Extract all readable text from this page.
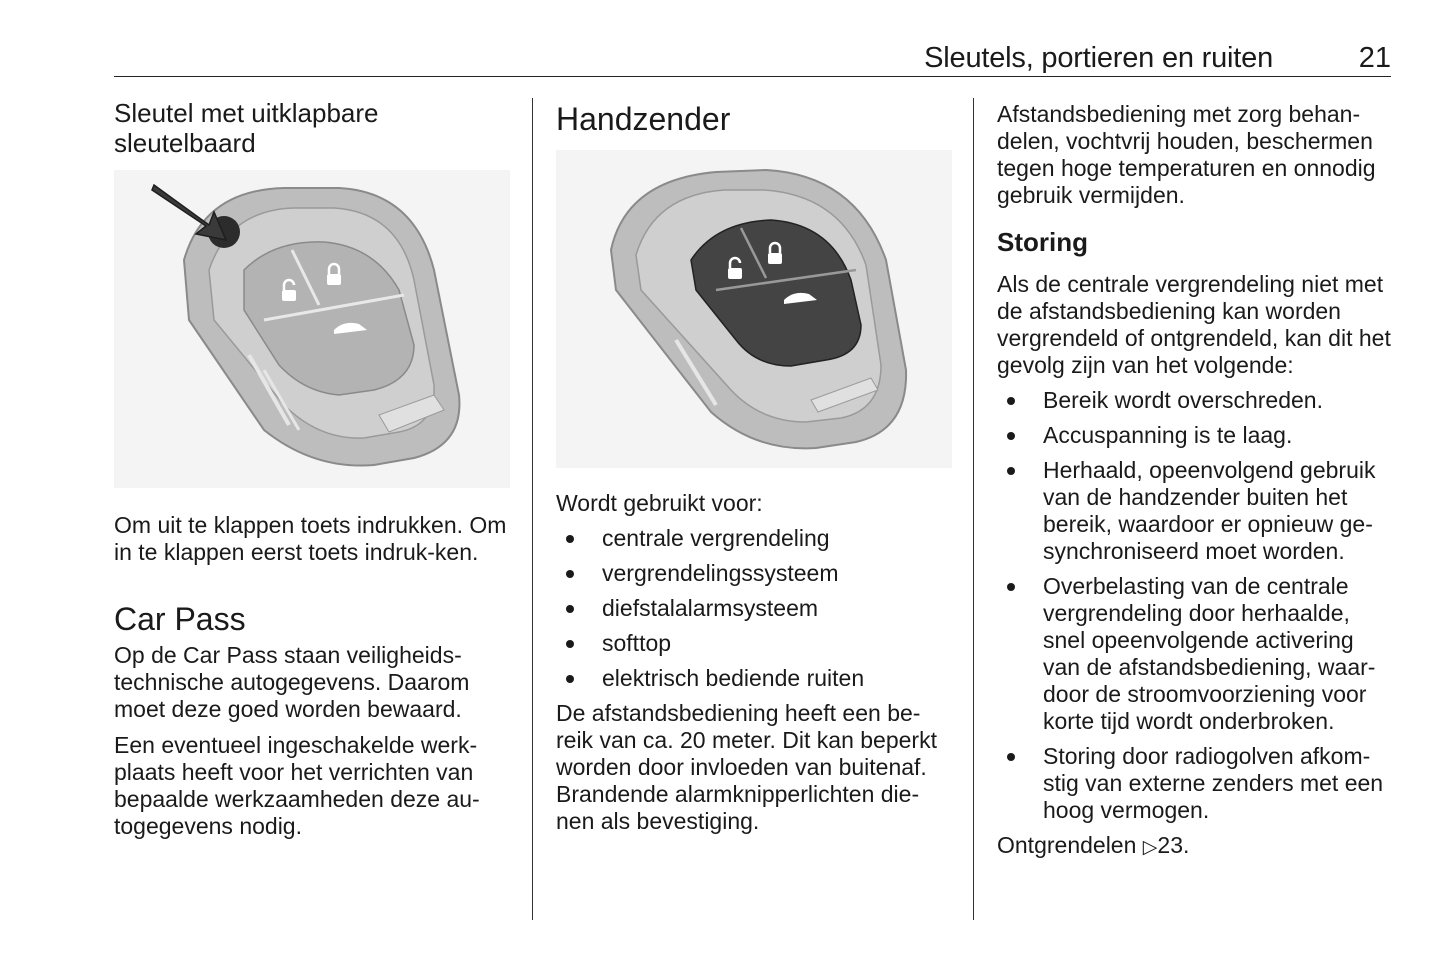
Sleutels, portieren en ruiten	21
Sleutel met uitklapbare sleutelbaard

Om uit te klappen toets indrukken. Om in te klappen eerst toets indruk-ken.

Car Pass

Op de Car Pass staan veiligheids-technische autogegevens. Daarom moet deze goed worden bewaard.

Een eventueel ingeschakelde werk-plaats heeft voor het verrichten van bepaalde werkzaamheden deze au-togegevens nodig.

Handzender

Wordt gebruikt voor:

centrale vergrendeling
vergrendelingssysteem
diefstalalarmsysteem
softtop
elektrisch bediende ruiten

De afstandsbediening heeft een be-reik van ca. 20 meter. Dit kan beperkt worden door invloeden van buitenaf. Brandende alarmknipperlichten die-nen als bevestiging.

Afstandsbediening met zorg behan-delen, vochtvrij houden, beschermen tegen hoge temperaturen en onnodig gebruik vermijden.

Storing

Als de centrale vergrendeling niet met de afstandsbediening kan worden vergrendeld of ontgrendeld, kan dit het gevolg zijn van het volgende:

Bereik wordt overschreden.
Accuspanning is te laag.
Herhaald, opeenvolgend gebruik van de handzender buiten het bereik, waardoor er opnieuw ge-synchroniseerd moet worden.
Overbelasting van de centrale vergrendeling door herhaalde, snel opeenvolgende activering van de afstandsbediening, waar-door de stroomvoorziening voor korte tijd wordt onderbroken.
Storing door radiogolven afkom-stig van externe zenders met een hoog vermogen.

Ontgrendelen ▷23.
